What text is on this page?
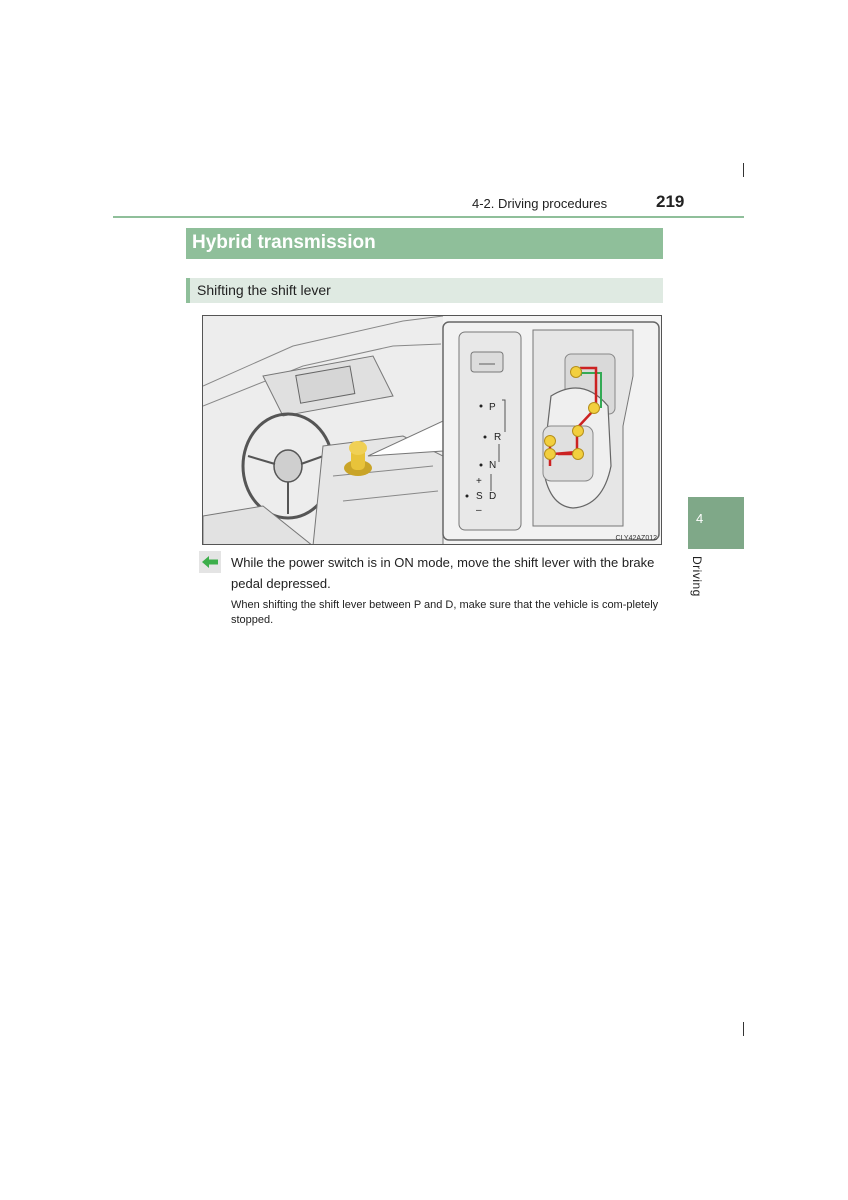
4-2. Driving procedures	219
4
Driving
Hybrid transmission
Shifting the shift lever
P
R
N
+
S D
–
CLY42AZ012
While the power switch is in ON mode, move the shift lever with the brake pedal depressed.
When shifting the shift lever between P and D, make sure that the vehicle is com-pletely stopped.
